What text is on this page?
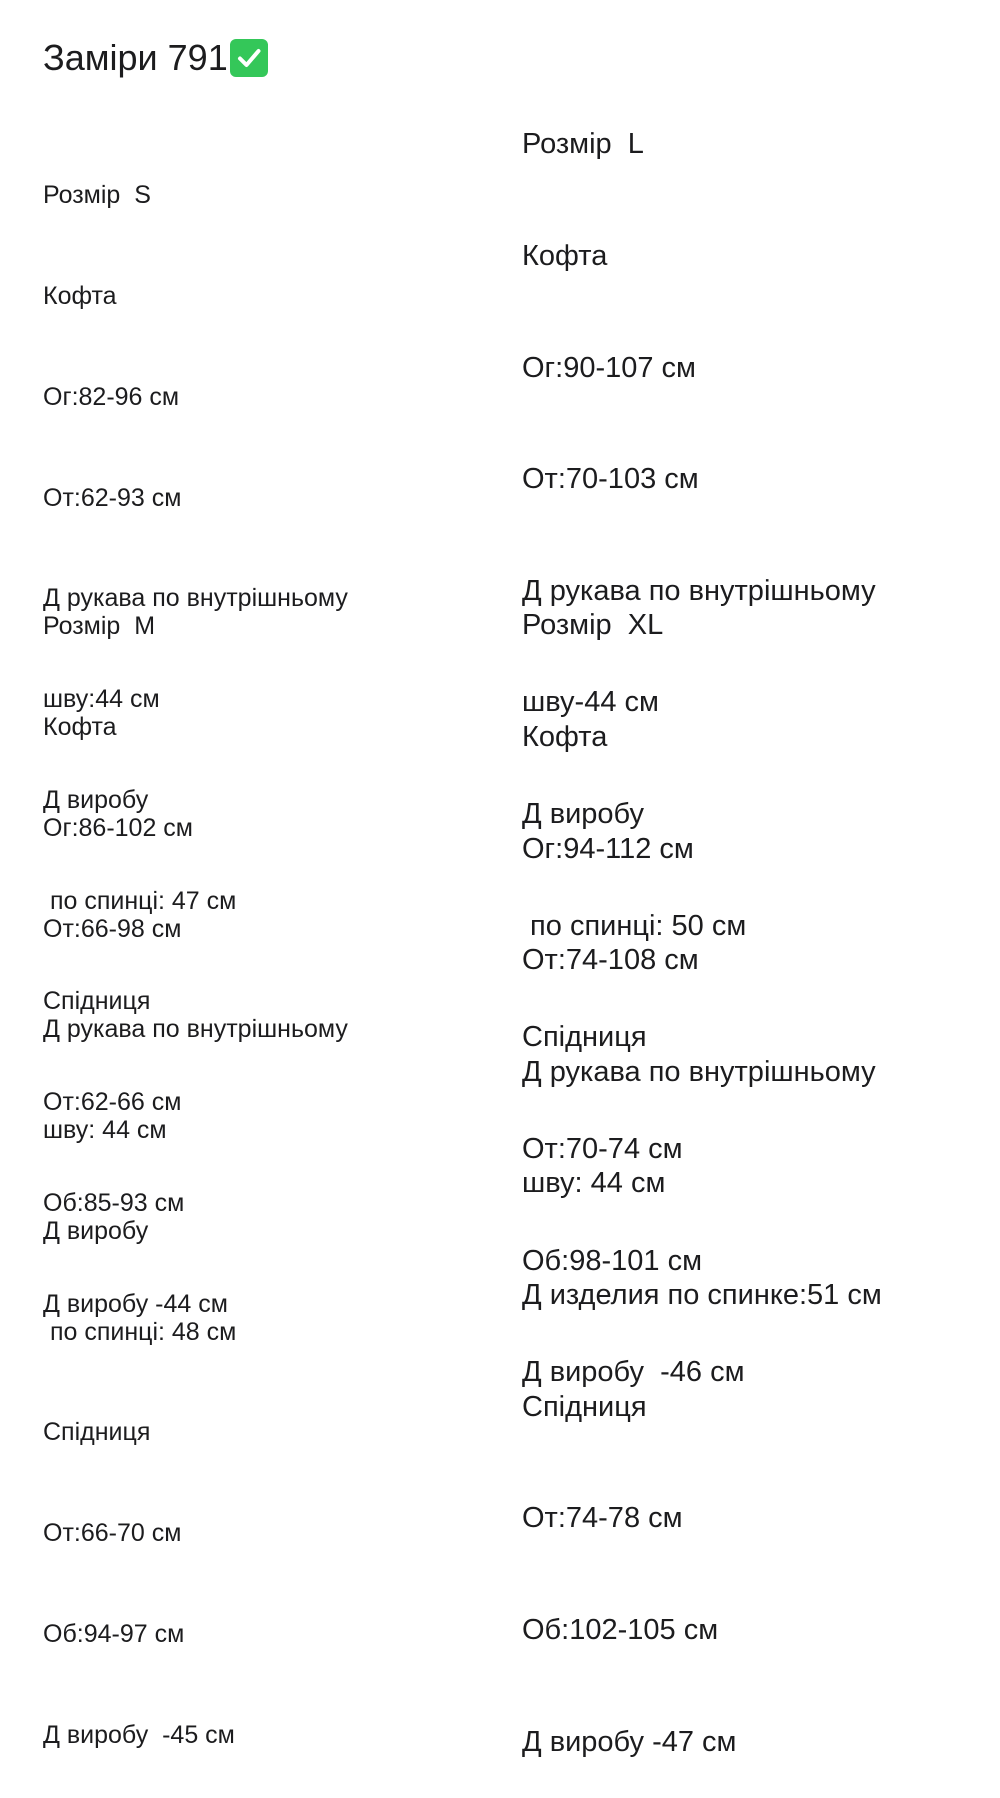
Заміри 791

Розмір  S

Кофта

Ог:82-96 см

От:62-93 см

Д рукава по внутрішньому

шву:44 см

Д виробу

по спинці: 47 см

Спідниця

От:62-66 см

Об:85-93 см

Д виробу -44 см

Розмір  M

Кофта

Ог:86-102 см

От:66-98 см

Д рукава по внутрішньому

шву: 44 см

Д виробу

по спинці: 48 см

Спідниця

От:66-70 см

Об:94-97 см

Д виробу  -45 см

Розмір  L

Кофта

Ог:90-107 см

От:70-103 см

Д рукава по внутрішньому

шву-44 см

Д виробу

по спинці: 50 см

Спідниця

От:70-74 см

Об:98-101 см

Д виробу  -46 см

Розмір  XL

Кофта

Ог:94-112 см

От:74-108 см

Д рукава по внутрішньому

шву: 44 см

Д изделия по спинке:51 см

Спідниця

От:74-78 см

Об:102-105 см

Д виробу -47 см
